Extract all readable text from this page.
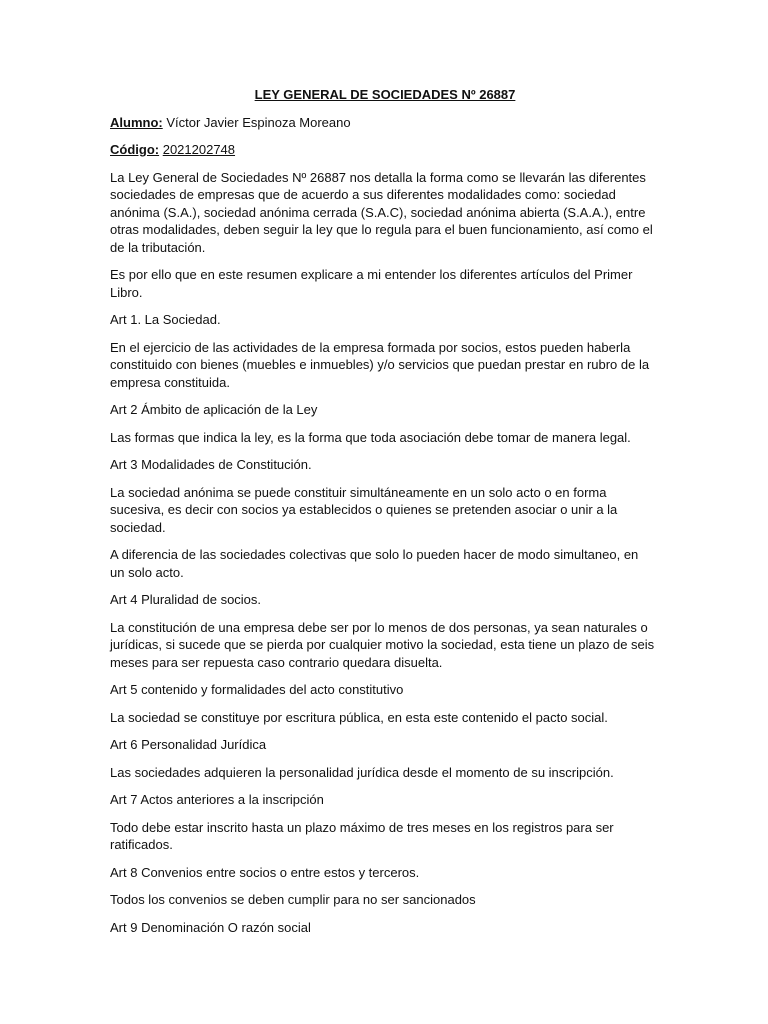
LEY GENERAL DE SOCIEDADES Nº 26887

Alumno: Víctor Javier Espinoza Moreano

Código: 2021202748

La Ley General de Sociedades Nº 26887 nos detalla la forma como se llevarán las diferentes sociedades de empresas que de acuerdo a sus diferentes modalidades como: sociedad anónima (S.A.), sociedad anónima cerrada (S.A.C), sociedad anónima abierta (S.A.A.), entre otras modalidades, deben seguir la ley que lo regula para el buen funcionamiento, así como el de la tributación.

Es por ello que en este resumen explicare a mi entender los diferentes artículos del Primer Libro.

Art 1. La Sociedad.

En el ejercicio de las actividades de la empresa formada por socios, estos pueden haberla constituido con bienes (muebles e inmuebles) y/o servicios que puedan prestar en rubro de la empresa constituida.

Art 2 Ámbito de aplicación de la Ley

Las formas que indica la ley, es la forma que toda asociación debe tomar de manera legal.

Art 3 Modalidades de Constitución.

La sociedad anónima se puede constituir simultáneamente en un solo acto o en forma sucesiva, es decir con socios ya establecidos o quienes se pretenden asociar o unir a la sociedad.

A diferencia de las sociedades colectivas que solo lo pueden hacer de modo simultaneo, en un solo acto.

Art 4 Pluralidad de socios.

La constitución de una empresa debe ser por lo menos de dos personas, ya sean naturales o jurídicas, si sucede que se pierda por cualquier motivo la sociedad, esta tiene un plazo de seis meses para ser repuesta caso contrario quedara disuelta.

Art 5 contenido y formalidades del acto constitutivo

La sociedad se constituye por escritura pública, en esta este contenido el pacto social.

Art 6 Personalidad Jurídica

Las sociedades adquieren la personalidad jurídica desde el momento de su inscripción.

Art 7 Actos anteriores a la inscripción

Todo debe estar inscrito hasta un plazo máximo de tres meses en los registros para ser ratificados.

Art 8 Convenios entre socios o entre estos y terceros.

Todos los convenios se deben cumplir para no ser sancionados

Art 9 Denominación O razón social
